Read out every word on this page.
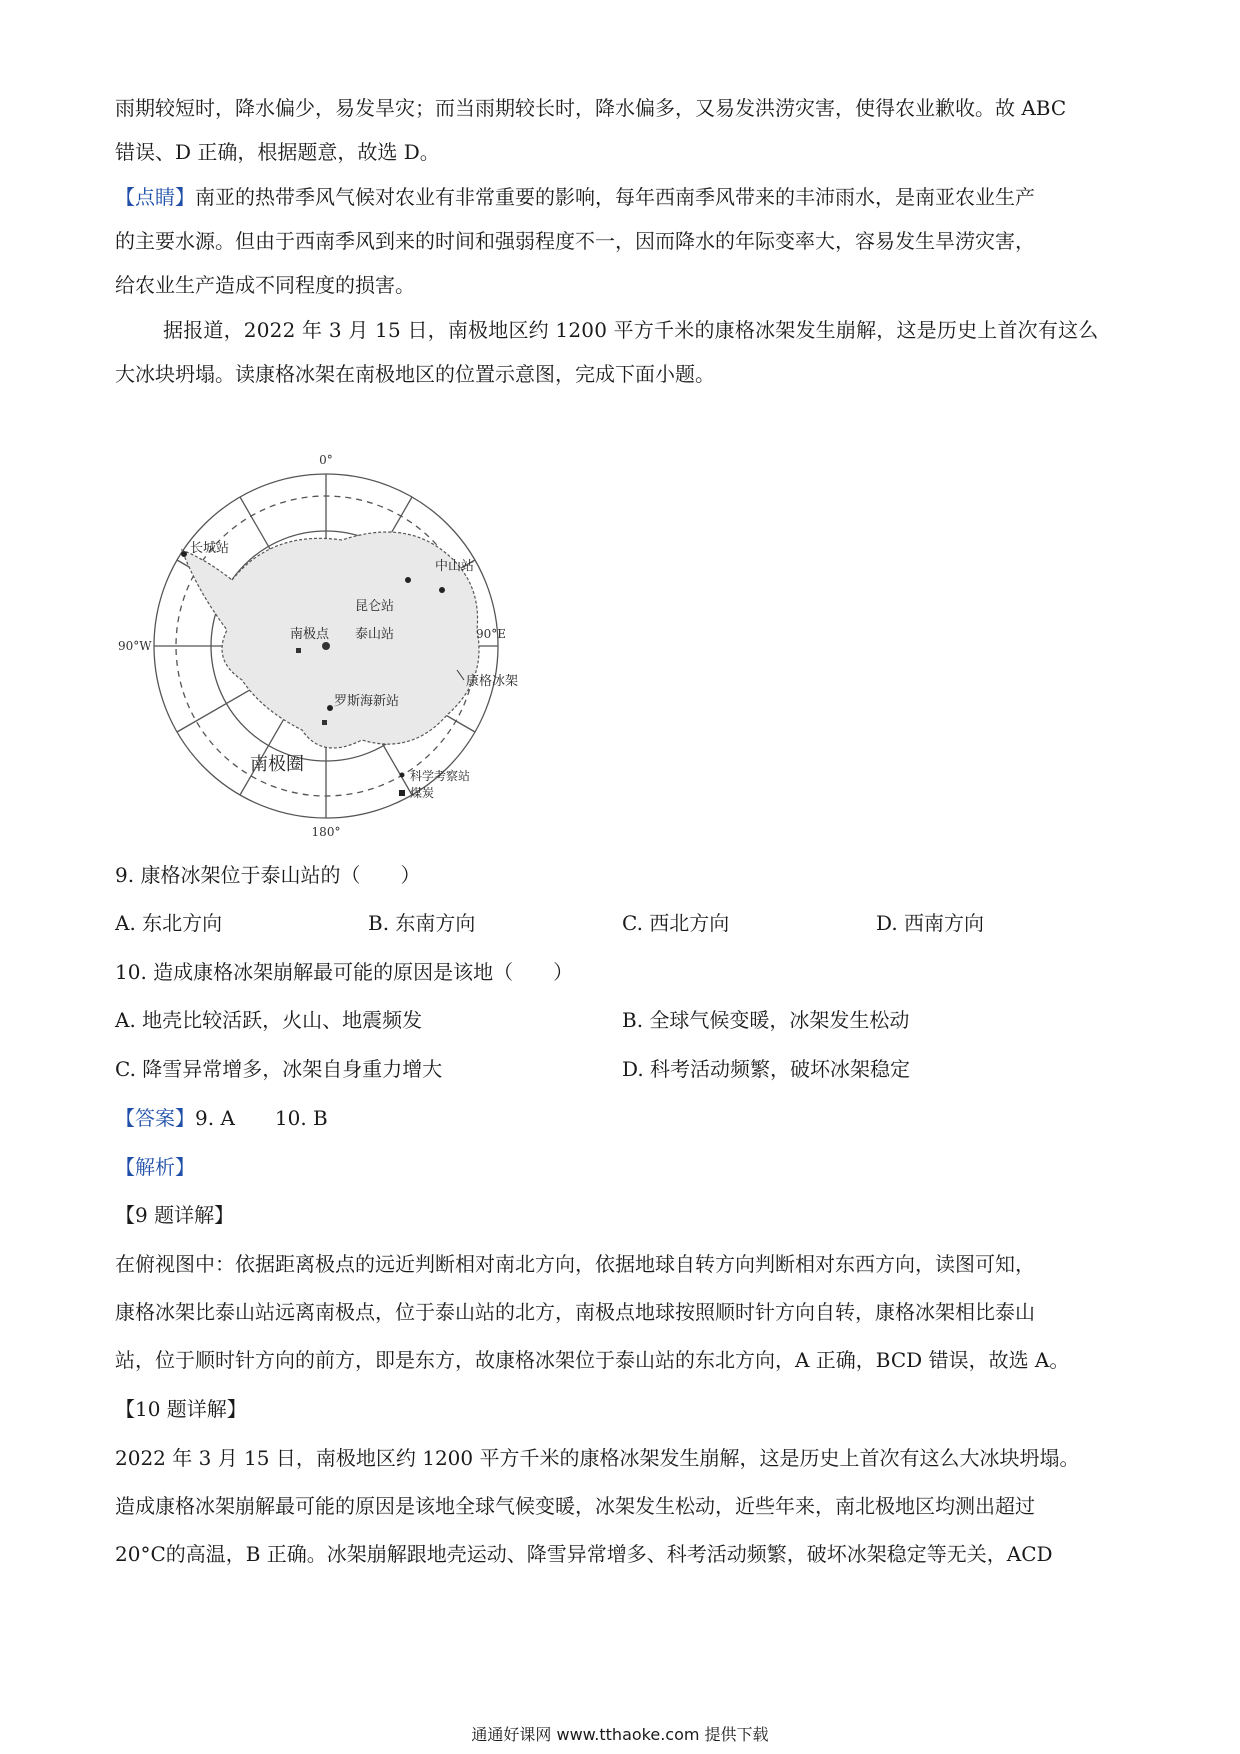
雨期较短时，降水偏少，易发旱灾；而当雨期较长时，降水偏多，又易发洪涝灾害，使得农业歉收。故 ABC
错误、D 正确，根据题意，故选 D。
【点睛】南亚的热带季风气候对农业有非常重要的影响，每年西南季风带来的丰沛雨水，是南亚农业生产
的主要水源。但由于西南季风到来的时间和强弱程度不一，因而降水的年际变率大，容易发生旱涝灾害，
给农业生产造成不同程度的损害。
据报道，2022 年 3 月 15 日，南极地区约 1200 平方千米的康格冰架发生崩解，这是历史上首次有这么
大冰块坍塌。读康格冰架在南极地区的位置示意图，完成下面小题。
0°
90°W
90°E
180°
长城站
昆仑站
泰山站
南极点
中山站
康格冰架
罗斯海新站
南极圈
科学考察站
煤炭
9. 康格冰架位于泰山站的（　　）
A. 东北方向	B. 东南方向	C. 西北方向	D. 西南方向
10. 造成康格冰架崩解最可能的原因是该地（　　）
A. 地壳比较活跃，火山、地震频发	B. 全球气候变暖，冰架发生松动
C. 降雪异常增多，冰架自身重力增大	D. 科考活动频繁，破坏冰架稳定
【答案】9. A　　10. B
【解析】
【9 题详解】
在俯视图中：依据距离极点的远近判断相对南北方向，依据地球自转方向判断相对东西方向，读图可知，
康格冰架比泰山站远离南极点，位于泰山站的北方，南极点地球按照顺时针方向自转，康格冰架相比泰山
站，位于顺时针方向的前方，即是东方，故康格冰架位于泰山站的东北方向，A 正确，BCD 错误，故选 A。
【10 题详解】
2022 年 3 月 15 日，南极地区约 1200 平方千米的康格冰架发生崩解，这是历史上首次有这么大冰块坍塌。
造成康格冰架崩解最可能的原因是该地全球气候变暖，冰架发生松动，近些年来，南北极地区均测出超过
20°C的高温，B 正确。冰架崩解跟地壳运动、降雪异常增多、科考活动频繁，破坏冰架稳定等无关，ACD
通通好课网 www.tthaoke.com 提供下载
